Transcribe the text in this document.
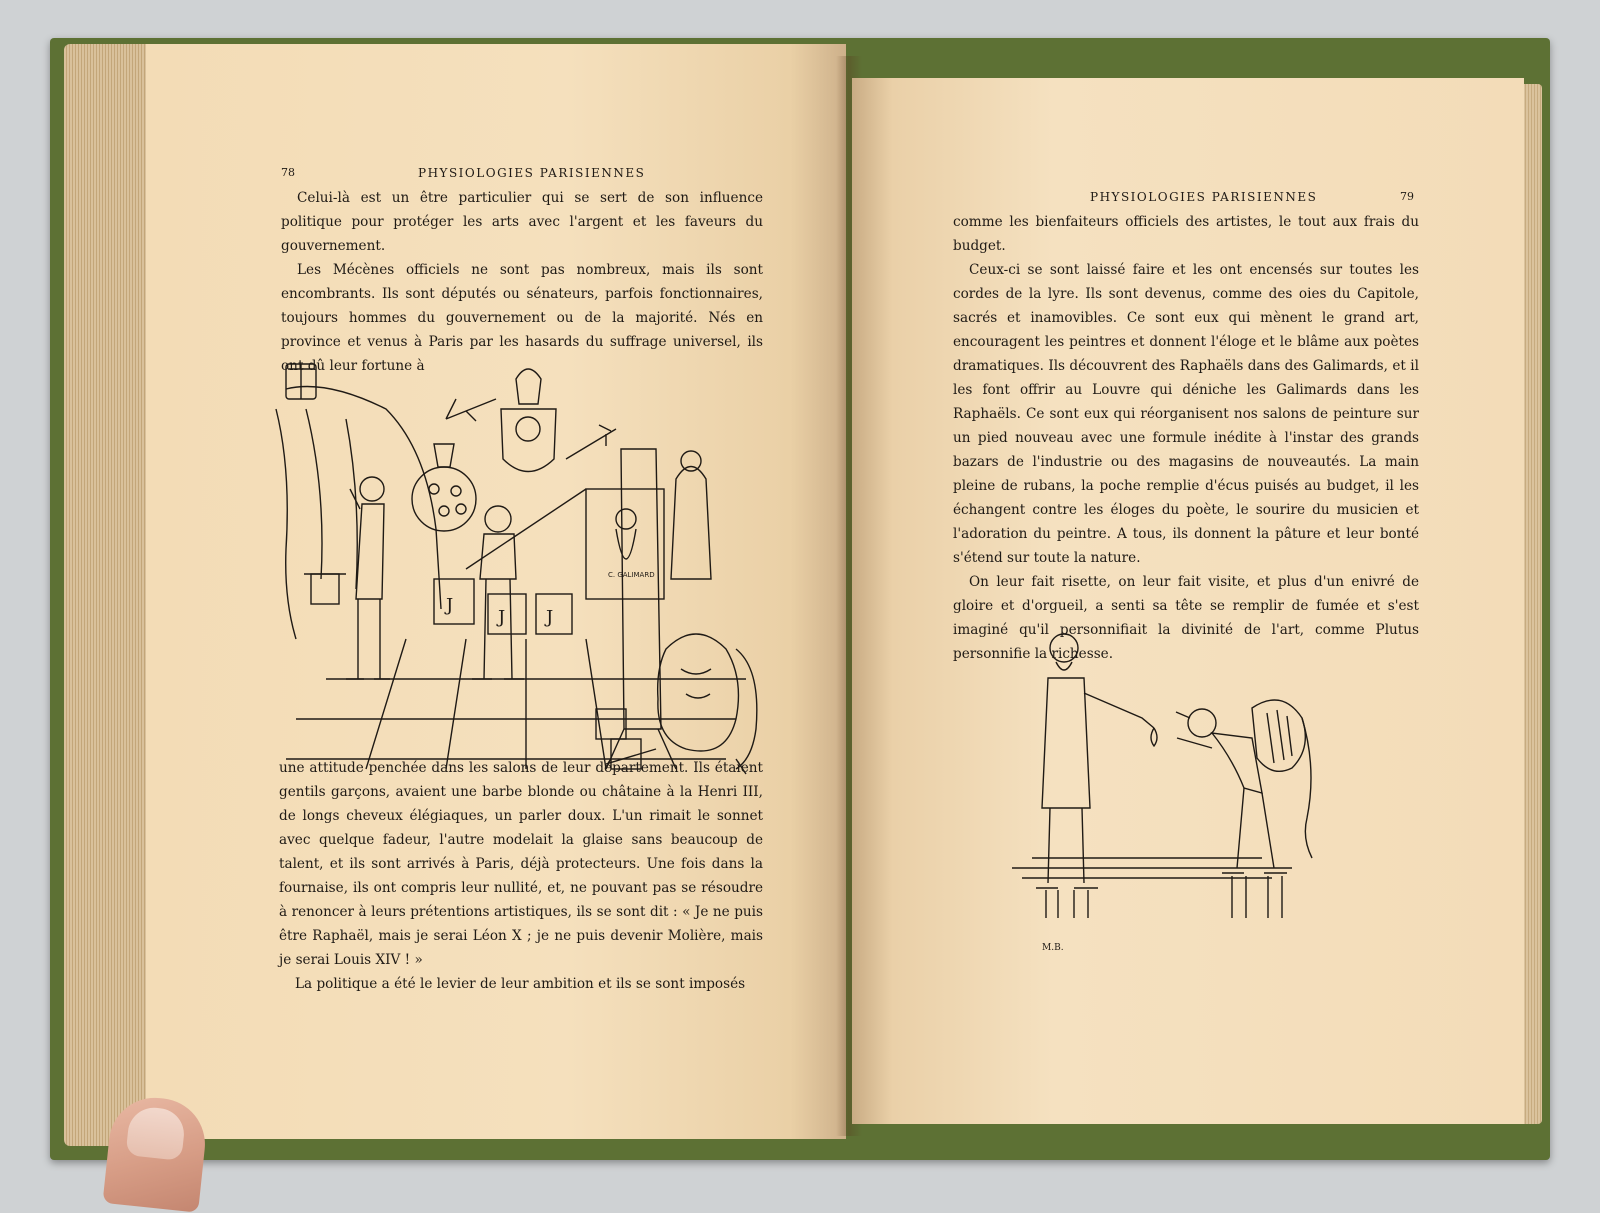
78	PHYSIOLOGIES PARISIENNES

Celui-là est un être particulier qui se sert de son influence politique pour protéger les arts avec l'argent et les faveurs du gouvernement.

Les Mécènes officiels ne sont pas nombreux, mais ils sont encombrants. Ils sont députés ou sénateurs, parfois fonctionnaires, toujours hommes du gouvernement ou de la majorité. Nés en province et venus à Paris par les hasards du suffrage universel, ils ont dû leur fortune à

C. GALIMARD
J
J J

une attitude penchée dans les salons de leur département. Ils étaient gentils garçons, avaient une barbe blonde ou châtaine à la Henri III, de longs cheveux élégiaques, un parler doux. L'un rimait le sonnet avec quelque fadeur, l'autre modelait la glaise sans beaucoup de talent, et ils sont arrivés à Paris, déjà protecteurs. Une fois dans la fournaise, ils ont compris leur nullité, et, ne pouvant pas se résoudre à renoncer à leurs prétentions artistiques, ils se sont dit : « Je ne puis être Raphaël, mais je serai Léon X ; je ne puis devenir Molière, mais je serai Louis XIV ! »

La politique a été le levier de leur ambition et ils se sont imposés

PHYSIOLOGIES PARISIENNES	79

comme les bienfaiteurs officiels des artistes, le tout aux frais du budget.

Ceux-ci se sont laissé faire et les ont encensés sur toutes les cordes de la lyre. Ils sont devenus, comme des oies du Capitole, sacrés et inamovibles. Ce sont eux qui mènent le grand art, encouragent les peintres et donnent l'éloge et le blâme aux poètes dramatiques. Ils découvrent des Raphaëls dans des Galimards, et il les font offrir au Louvre qui déniche les Galimards dans les Raphaëls. Ce sont eux qui réorganisent nos salons de peinture sur un pied nouveau avec une formule inédite à l'instar des grands bazars de l'industrie ou des magasins de nouveautés. La main pleine de rubans, la poche remplie d'écus puisés au budget, il les échangent contre les éloges du poète, le sourire du musicien et l'adoration du peintre. A tous, ils donnent la pâture et leur bonté s'étend sur toute la nature.

On leur fait risette, on leur fait visite, et plus d'un enivré de gloire et d'orgueil, a senti sa tête se remplir de fumée et s'est imaginé qu'il personnifiait la divinité de l'art, comme Plutus personnifie la richesse.

M.B.
